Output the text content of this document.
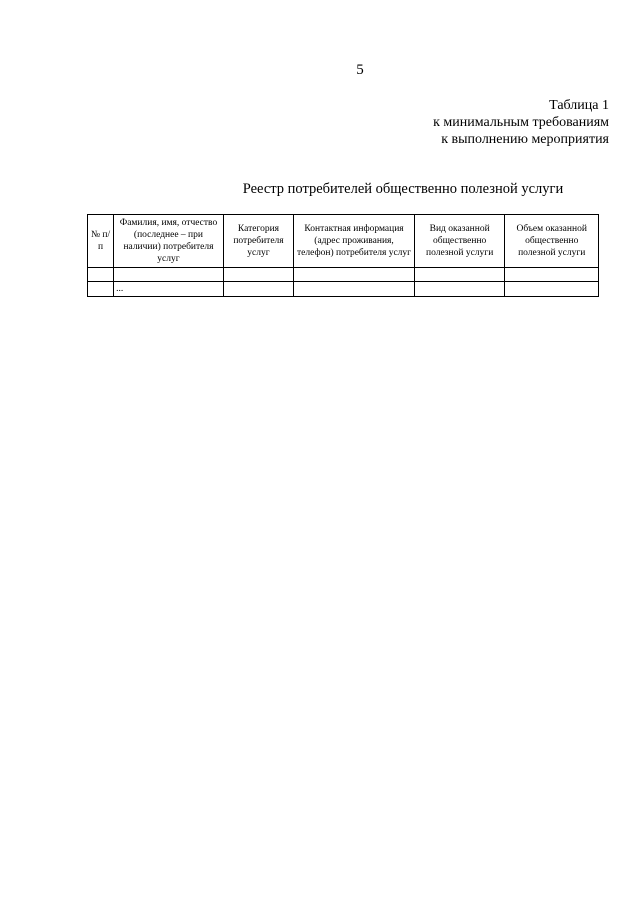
5
Таблица 1
к минимальным требованиям
к выполнению мероприятия
Реестр потребителей общественно полезной услуги
№ п/п	Фамилия, имя, отчество (последнее – при наличии) потребителя услуг	Категория потребителя услуг	Контактная информация (адрес проживания, телефон) потребителя услуг	Вид оказанной общественно полезной услуги	Объем оказанной общественно полезной услуги

	...				
